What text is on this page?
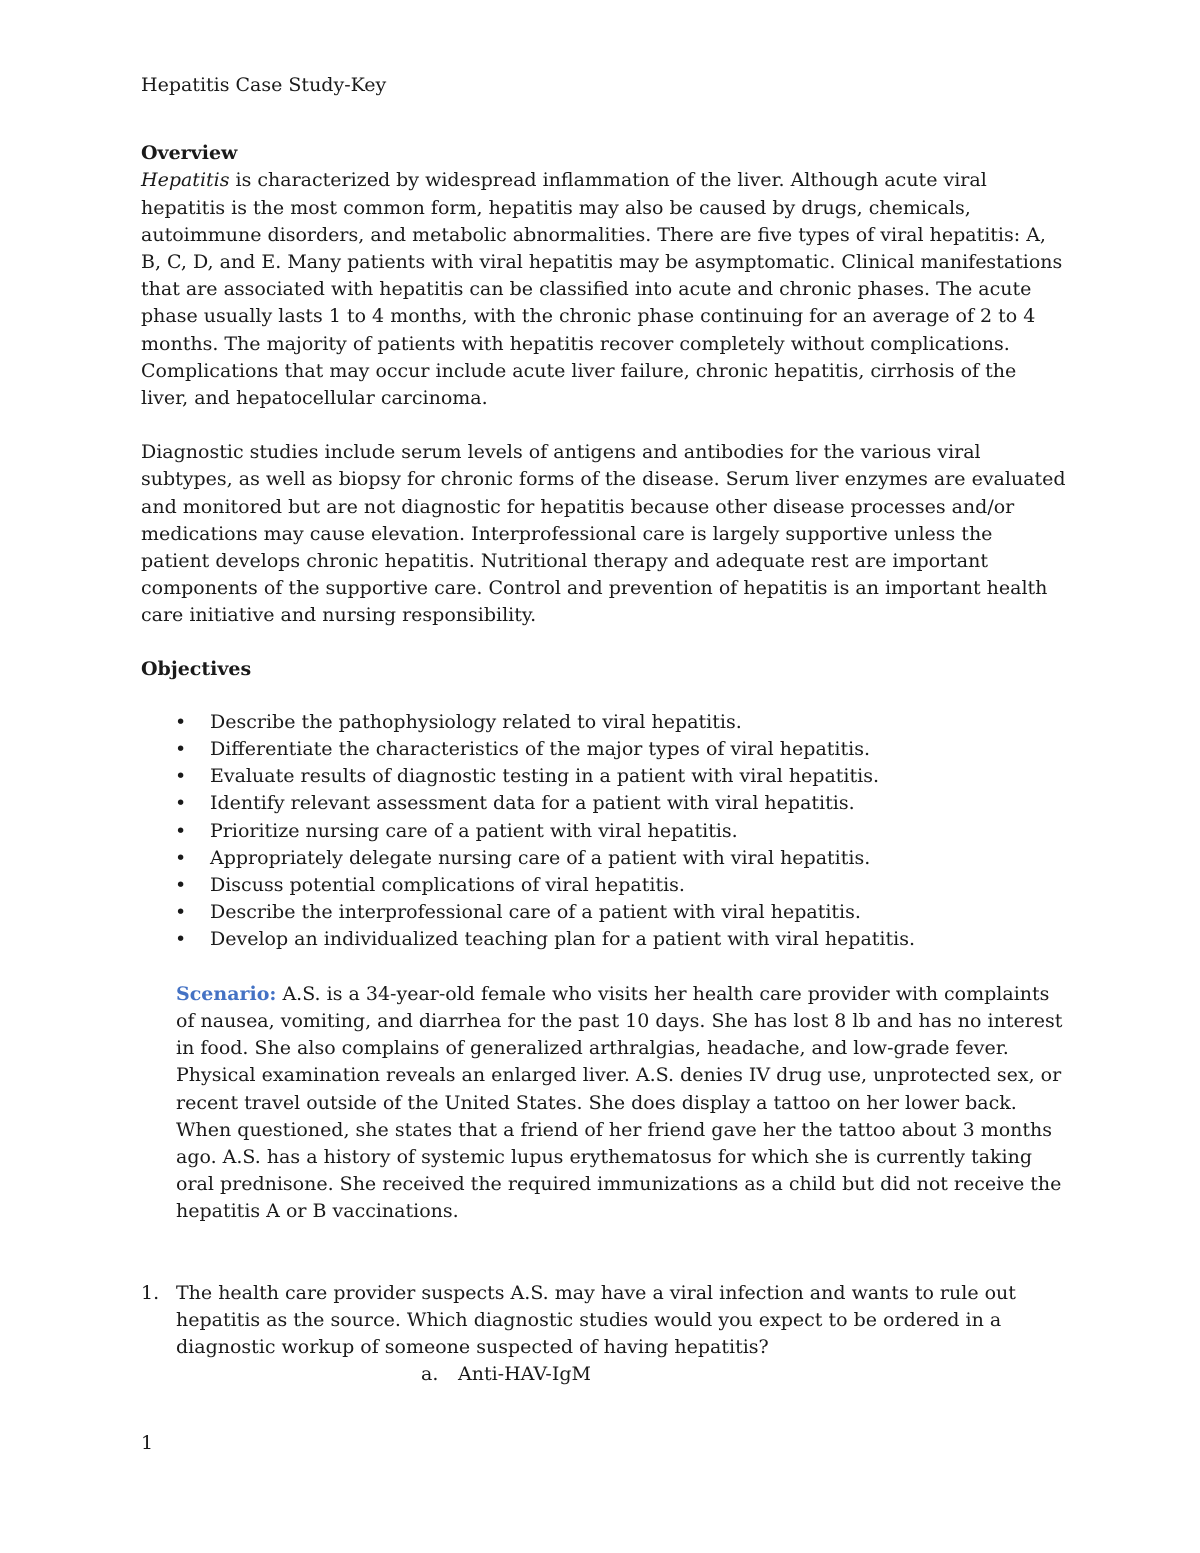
Hepatitis Case Study-Key
Overview

Hepatitis is characterized by widespread inflammation of the liver. Although acute viral hepatitis is the most common form, hepatitis may also be caused by drugs, chemicals, autoimmune disorders, and metabolic abnormalities. There are five types of viral hepatitis: A, B, C, D, and E. Many patients with viral hepatitis may be asymptomatic. Clinical manifestations that are associated with hepatitis can be classified into acute and chronic phases. The acute phase usually lasts 1 to 4 months, with the chronic phase continuing for an average of 2 to 4 months. The majority of patients with hepatitis recover completely without complications. Complications that may occur include acute liver failure, chronic hepatitis, cirrhosis of the liver, and hepatocellular carcinoma.

Diagnostic studies include serum levels of antigens and antibodies for the various viral subtypes, as well as biopsy for chronic forms of the disease. Serum liver enzymes are evaluated and monitored but are not diagnostic for hepatitis because other disease processes and/or medications may cause elevation. Interprofessional care is largely supportive unless the patient develops chronic hepatitis. Nutritional therapy and adequate rest are important components of the supportive care. Control and prevention of hepatitis is an important health care initiative and nursing responsibility.

Objectives
• Describe the pathophysiology related to viral hepatitis.
• Differentiate the characteristics of the major types of viral hepatitis.
• Evaluate results of diagnostic testing in a patient with viral hepatitis.
• Identify relevant assessment data for a patient with viral hepatitis.
• Prioritize nursing care of a patient with viral hepatitis.
• Appropriately delegate nursing care of a patient with viral hepatitis.
• Discuss potential complications of viral hepatitis.
• Describe the interprofessional care of a patient with viral hepatitis.
• Develop an individualized teaching plan for a patient with viral hepatitis.

Scenario: A.S. is a 34-year-old female who visits her health care provider with complaints of nausea, vomiting, and diarrhea for the past 10 days. She has lost 8 lb and has no interest in food. She also complains of generalized arthralgias, headache, and low-grade fever. Physical examination reveals an enlarged liver. A.S. denies IV drug use, unprotected sex, or recent travel outside of the United States. She does display a tattoo on her lower back. When questioned, she states that a friend of her friend gave her the tattoo about 3 months ago. A.S. has a history of systemic lupus erythematosus for which she is currently taking oral prednisone. She received the required immunizations as a child but did not receive the hepatitis A or B vaccinations.

1. The health care provider suspects A.S. may have a viral infection and wants to rule out hepatitis as the source. Which diagnostic studies would you expect to be ordered in a diagnostic workup of someone suspected of having hepatitis?
a. Anti-HAV-IgM
1
